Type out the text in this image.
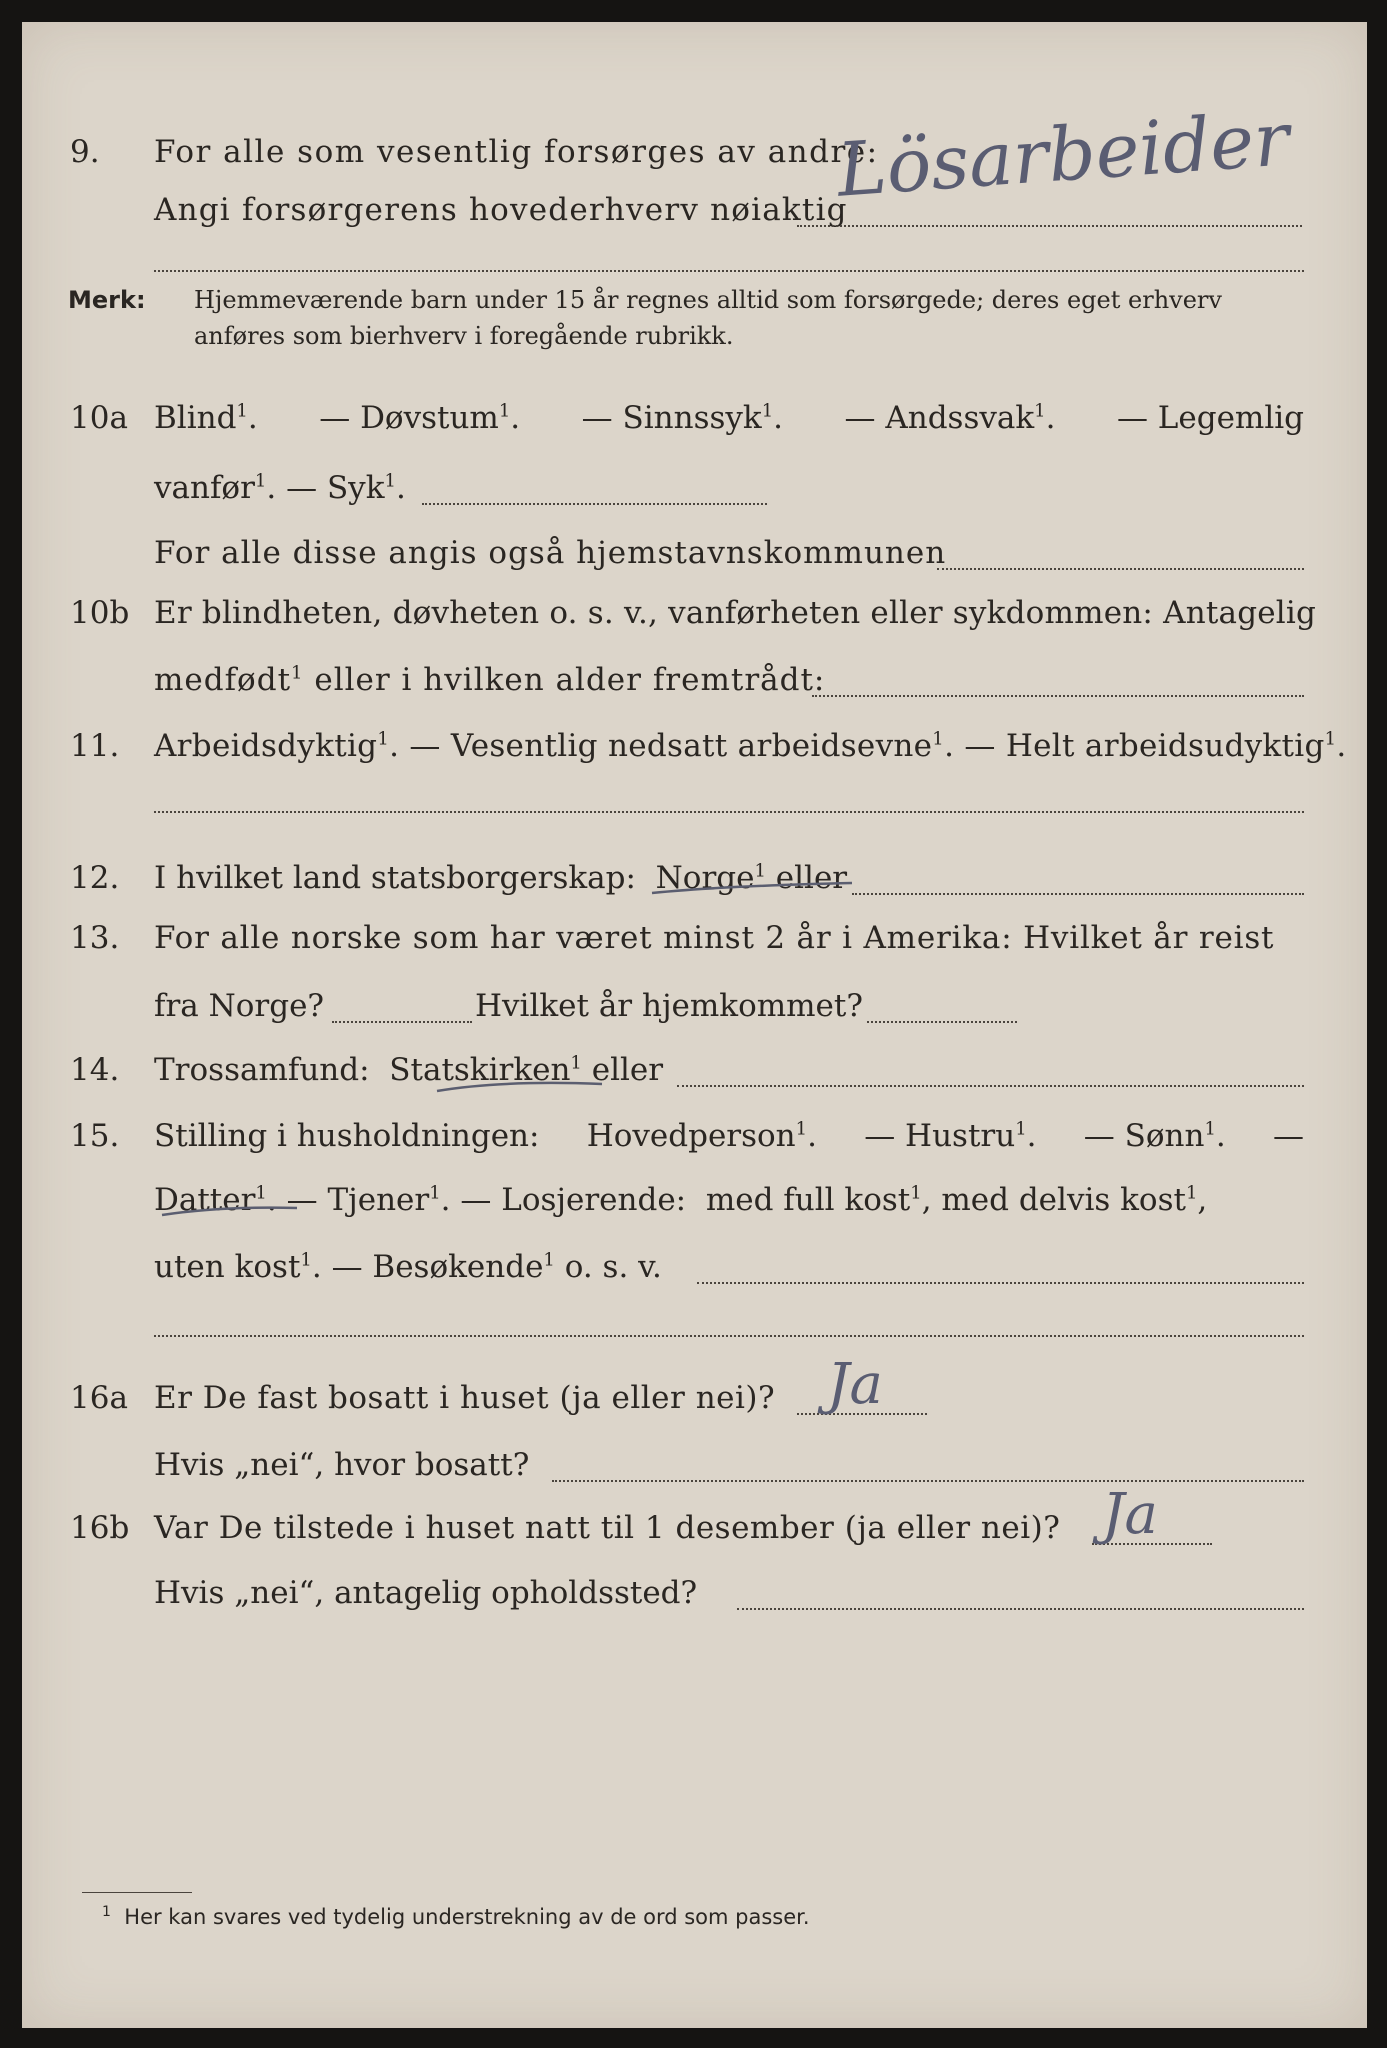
9. For alle som vesentlig forsørges av andre:
Angi forsørgerens hovederhverv nøiaktig
Lösarbeider
Merk: Hjemmeværende barn under 15 år regnes alltid som forsørgede; deres eget erhverv anføres som bierhverv i foregående rubrikk.
10a Blind$^1$. — Døvstum$^1$. — Sinnssyk$^1$. — Andssvak$^1$. — Legemlig
vanfør$^1$. — Syk$^1$.
For alle disse angis også hjemstavnskommunen
10b Er blindheten, døvheten o. s. v., vanførheten eller sykdommen: Antagelig
medfødt$^1$ eller i hvilken alder fremtrådt:
11. Arbeidsdyktig$^1$. — Vesentlig nedsatt arbeidsevne$^1$. — Helt arbeidsudyktig$^1$.
12. I hvilket land statsborgerskap: Norge$^1$ eller
13. For alle norske som har været minst 2 år i Amerika: Hvilket år reist
fra Norge?	Hvilket år hjemkommet?
14. Trossamfund: Statskirken$^1$ eller
15. Stilling i husholdningen: Hovedperson$^1$. — Hustru$^1$. — Sønn$^1$. —
Datter$^1$. — Tjener$^1$. — Losjerende: med full kost$^1$, med delvis kost$^1$,
uten kost$^1$. — Besøkende$^1$ o. s. v.
16a Er De fast bosatt i huset (ja eller nei)? Ja
Hvis „nei“, hvor bosatt?
16b Var De tilstede i huset natt til 1 desember (ja eller nei)? Ja
Hvis „nei“, antagelig opholdssted?
$^1$ Her kan svares ved tydelig understrekning av de ord som passer.
